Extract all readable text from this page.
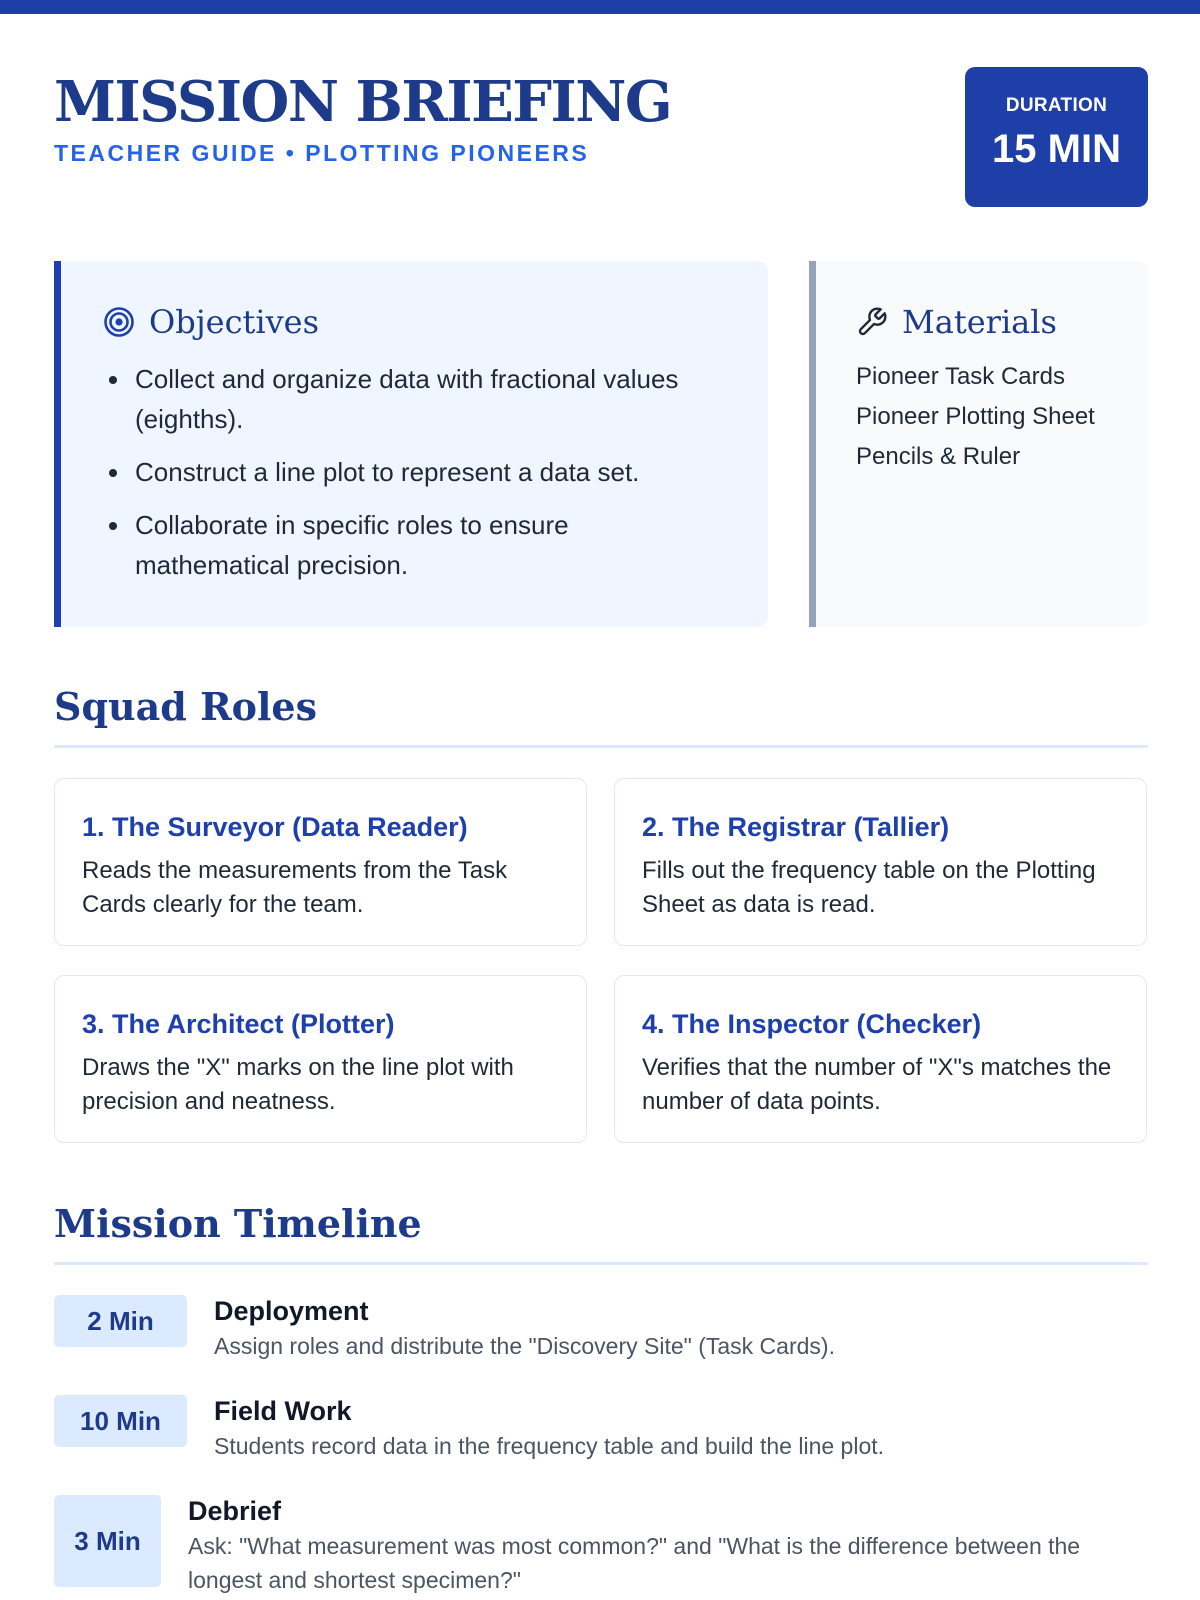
MISSION BRIEFING
TEACHER GUIDE • PLOTTING PIONEERS
DURATION
15 MIN
Objectives
Collect and organize data with fractional values (eighths).
Construct a line plot to represent a data set.
Collaborate in specific roles to ensure mathematical precision.
Materials
Pioneer Task Cards
Pioneer Plotting Sheet
Pencils & Ruler
Squad Roles
1. The Surveyor (Data Reader)
Reads the measurements from the Task Cards clearly for the team.
2. The Registrar (Tallier)
Fills out the frequency table on the Plotting Sheet as data is read.
3. The Architect (Plotter)
Draws the "X" marks on the line plot with precision and neatness.
4. The Inspector (Checker)
Verifies that the number of "X"s matches the number of data points.
Mission Timeline
2 Min	Deployment
Assign roles and distribute the "Discovery Site" (Task Cards).
10 Min	Field Work
Students record data in the frequency table and build the line plot.
3 Min
Debrief
Ask: "What measurement was most common?" and "What is the difference between the longest and shortest specimen?"
